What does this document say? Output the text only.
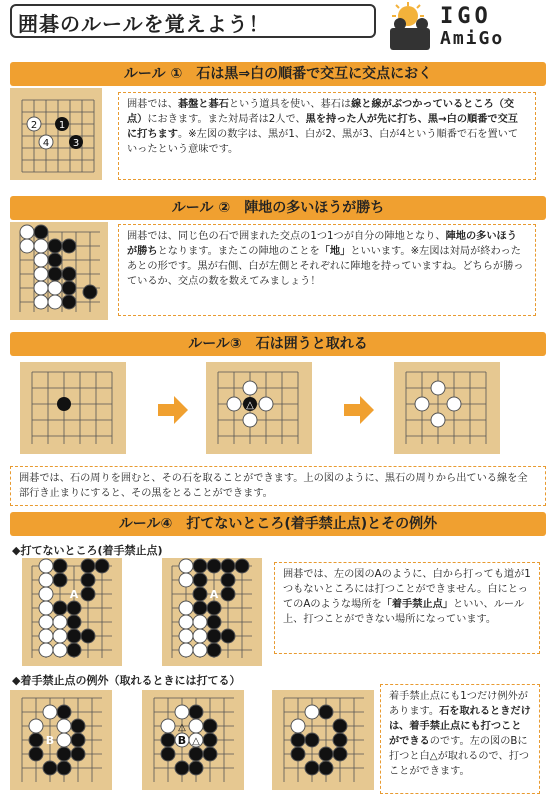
囲碁のルールを覚えよう！	IGO
AmiGo
ルール ①　石は黒⇒白の順番で交互に交点におく
2 1
4 3
囲碁では、碁盤と碁石という道具を使い、碁石は線と線がぶつかっているところ（交点）におきます。また対局者は2人で、黒を持った人が先に打ち、黒→白の順番で交互に打ちます。※左図の数字は、黒が1、白が2、黒が3、白が4という順番で石を置いていったという意味です。
ルール ②　陣地の多いほうが勝ち
囲碁では、同じ色の石で囲まれた交点の1つ1つが自分の陣地となり、陣地の多いほうが勝ちとなります。またこの陣地のことを「地」といいます。※左図は対局が終わったあとの形です。黒が右側、白が左側とそれぞれに陣地を持っていますね。どちらが勝っているか、交点の数を数えてみましょう！
ルール③　石は囲うと取れる
△
囲碁では、石の周りを囲むと、その石を取ることができます。上の図のように、黒石の周りから出ている線を全部行き止まりにすると、その黒をとることができます。
ルール④　打てないところ(着手禁止点)とその例外
◆打てないところ(着手禁止点)
A	A
囲碁では、左の図のAのように、白から打っても道が1つもないところには打つことができません。白にとってのAのような場所を「着手禁止点」といい、ルール上、打つことができない場所になっています。
◆着手禁止点の例外（取れるときには打てる）
B
△
B △
着手禁止点にも1つだけ例外があります。石を取れるときだけは、着手禁止点にも打つことができるのです。左の図のBに打つと白△が取れるので、打つことができます。
